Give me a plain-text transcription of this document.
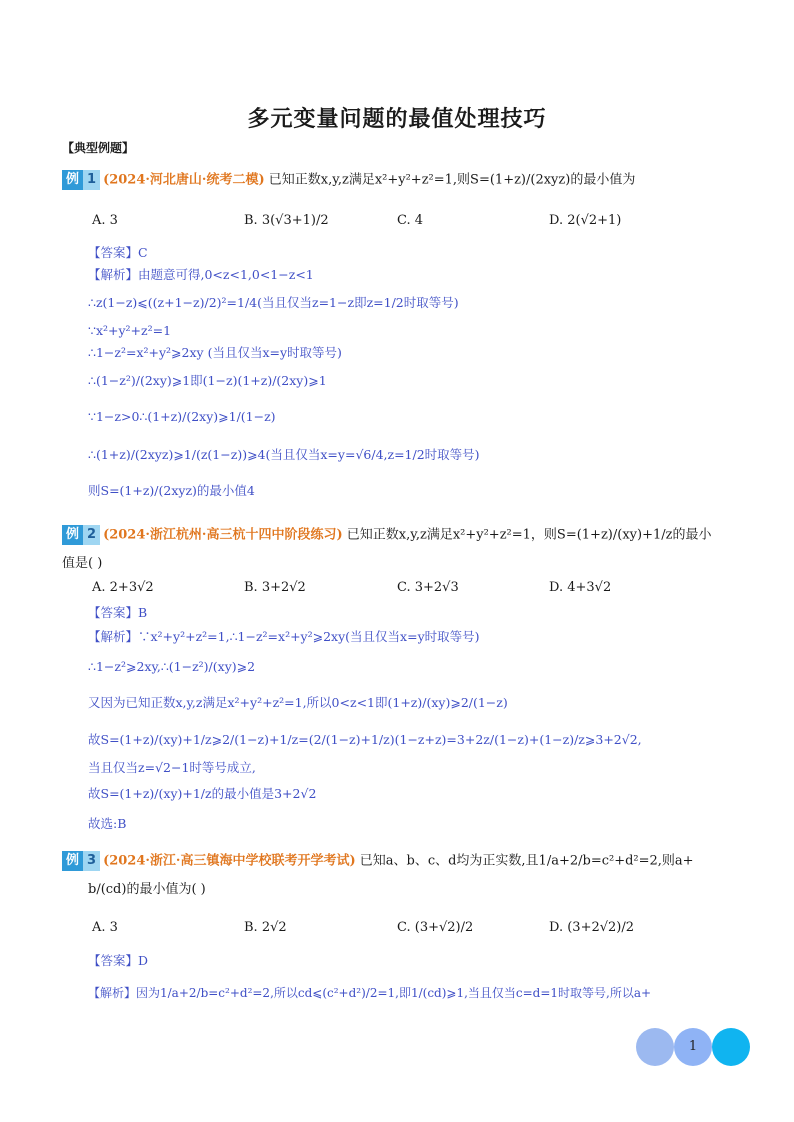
多元变量问题的最值处理技巧
【典型例题】
例 1 (2024·河北唐山·统考二模) 已知正数x,y,z满足x²+y²+z²=1,则S=(1+z)/(2xyz)的最小值为
A. 3	B. 3(√3+1)/2	C. 4	D. 2(√2+1)
【答案】C
【解析】由题意可得,0<z<1,0<1−z<1
∴z(1−z)⩽((z+1−z)/2)²=1/4(当且仅当z=1−z即z=1/2时取等号)
∵x²+y²+z²=1
∴1−z²=x²+y²⩾2xy (当且仅当x=y时取等号)
∴(1−z²)/(2xy)⩾1即(1−z)(1+z)/(2xy)⩾1
∵1−z>0∴(1+z)/(2xy)⩾1/(1−z)
∴(1+z)/(2xyz)⩾1/(z(1−z))⩾4(当且仅当x=y=√6/4,z=1/2时取等号)
则S=(1+z)/(2xyz)的最小值4
例 2 (2024·浙江杭州·高三杭十四中阶段练习) 已知正数x,y,z满足x²+y²+z²=1，则S=(1+z)/(xy)+1/z的最小
值是( )
A. 2+3√2	B. 3+2√2	C. 3+2√3	D. 4+3√2
【答案】B
【解析】∵x²+y²+z²=1,∴1−z²=x²+y²⩾2xy(当且仅当x=y时取等号)
∴1−z²⩾2xy,∴(1−z²)/(xy)⩾2
又因为已知正数x,y,z满足x²+y²+z²=1,所以0<z<1即(1+z)/(xy)⩾2/(1−z)
故S=(1+z)/(xy)+1/z⩾2/(1−z)+1/z=(2/(1−z)+1/z)(1−z+z)=3+2z/(1−z)+(1−z)/z⩾3+2√2,
当且仅当z=√2−1时等号成立,
故S=(1+z)/(xy)+1/z的最小值是3+2√2
故选:B
例 3 (2024·浙江·高三镇海中学校联考开学考试) 已知a、b、c、d均为正实数,且1/a+2/b=c²+d²=2,则a+
b/(cd)的最小值为( )
A. 3	B. 2√2	C. (3+√2)/2	D. (3+2√2)/2
【答案】D
【解析】因为1/a+2/b=c²+d²=2,所以cd⩽(c²+d²)/2=1,即1/(cd)⩾1,当且仅当c=d=1时取等号,所以a+
1
